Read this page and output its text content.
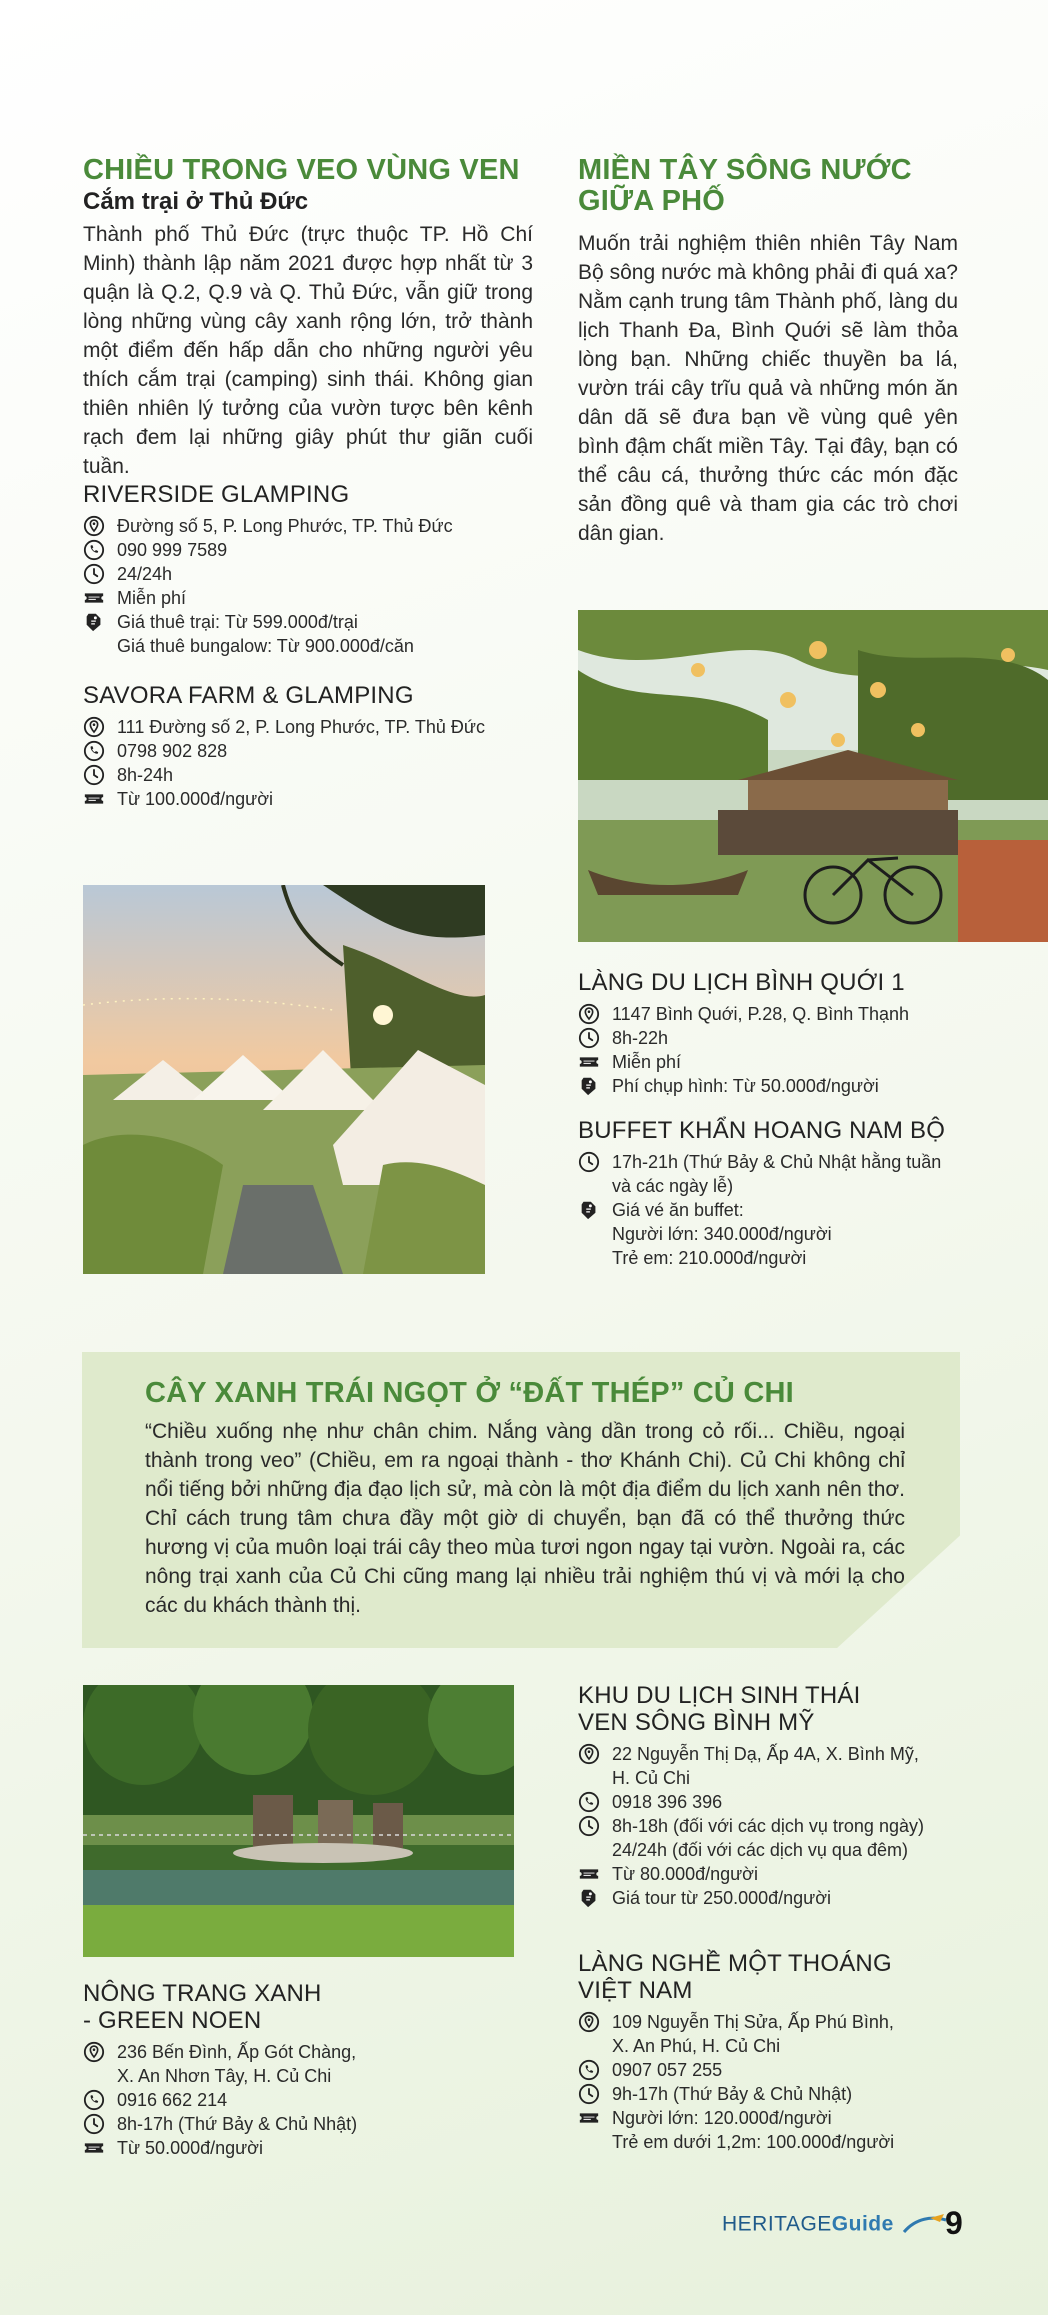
CHIỀU TRONG VEO VÙNG VEN
Cắm trại ở Thủ Đức

Thành phố Thủ Đức (trực thuộc TP. Hồ Chí Minh) thành lập năm 2021 được hợp nhất từ 3 quận là Q.2, Q.9 và Q. Thủ Đức, vẫn giữ trong lòng những vùng cây xanh rộng lớn, trở thành một điểm đến hấp dẫn cho những người yêu thích cắm trại (camping) sinh thái. Không gian thiên nhiên lý tưởng của vườn tược bên kênh rạch đem lại những giây phút thư giãn cuối tuần.

RIVERSIDE GLAMPING
Đường số 5, P. Long Phước, TP. Thủ Đức
090 999 7589
24/24h
Miễn phí
Giá thuê trại: Từ 599.000đ/trại
Giá thuê bungalow: Từ 900.000đ/căn
SAVORA FARM & GLAMPING
111 Đường số 2, P. Long Phước, TP. Thủ Đức
0798 902 828
8h-24h
Từ 100.000đ/người
MIỀN TÂY SÔNG NƯỚC
GIỮA PHỐ

Muốn trải nghiệm thiên nhiên Tây Nam Bộ sông nước mà không phải đi quá xa? Nằm cạnh trung tâm Thành phố, làng du lịch Thanh Đa, Bình Quới sẽ làm thỏa lòng bạn. Những chiếc thuyền ba lá, vườn trái cây trĩu quả và những món ăn dân dã sẽ đưa bạn về vùng quê yên bình đậm chất miền Tây. Tại đây, bạn có thể câu cá, thưởng thức các món đặc sản đồng quê và tham gia các trò chơi dân gian.

LÀNG DU LỊCH BÌNH QUỚI 1
1147 Bình Quới, P.28, Q. Bình Thạnh
8h-22h
Miễn phí
Phí chụp hình: Từ 50.000đ/người
BUFFET KHẨN HOANG NAM BỘ
17h-21h (Thứ Bảy & Chủ Nhật hằng tuần
và các ngày lễ)
Giá vé ăn buffet:
Người lớn: 340.000đ/người
Trẻ em: 210.000đ/người
CÂY XANH TRÁI NGỌT Ở “ĐẤT THÉP” CỦ CHI

“Chiều xuống nhẹ như chân chim. Nắng vàng dần trong cỏ rối... Chiều, ngoại thành trong veo” (Chiều, em ra ngoại thành - thơ Khánh Chi). Củ Chi không chỉ nổi tiếng bởi những địa đạo lịch sử, mà còn là một địa điểm du lịch xanh nên thơ. Chỉ cách trung tâm chưa đầy một giờ di chuyển, bạn đã có thể thưởng thức hương vị của muôn loại trái cây theo mùa tươi ngon ngay tại vườn. Ngoài ra, các nông trại xanh của Củ Chi cũng mang lại nhiều trải nghiệm thú vị và mới lạ cho các du khách thành thị.

NÔNG TRANG XANH
- GREEN NOEN
236 Bến Đình, Ấp Gót Chàng,
X. An Nhơn Tây, H. Củ Chi
0916 662 214
8h-17h (Thứ Bảy & Chủ Nhật)
Từ 50.000đ/người
KHU DU LỊCH SINH THÁI
VEN SÔNG BÌNH MỸ
22 Nguyễn Thị Dạ, Ấp 4A, X. Bình Mỹ,
H. Củ Chi
0918 396 396
8h-18h (đối với các dịch vụ trong ngày)
24/24h (đối với các dịch vụ qua đêm)
Từ 80.000đ/người
Giá tour từ 250.000đ/người
LÀNG NGHỀ MỘT THOÁNG
VIỆT NAM
109 Nguyễn Thị Sửa, Ấp Phú Bình,
X. An Phú, H. Củ Chi
0907 057 255
9h-17h (Thứ Bảy & Chủ Nhật)
Người lớn: 120.000đ/người
Trẻ em dưới 1,2m: 100.000đ/người
HERITAGEGuide	9
